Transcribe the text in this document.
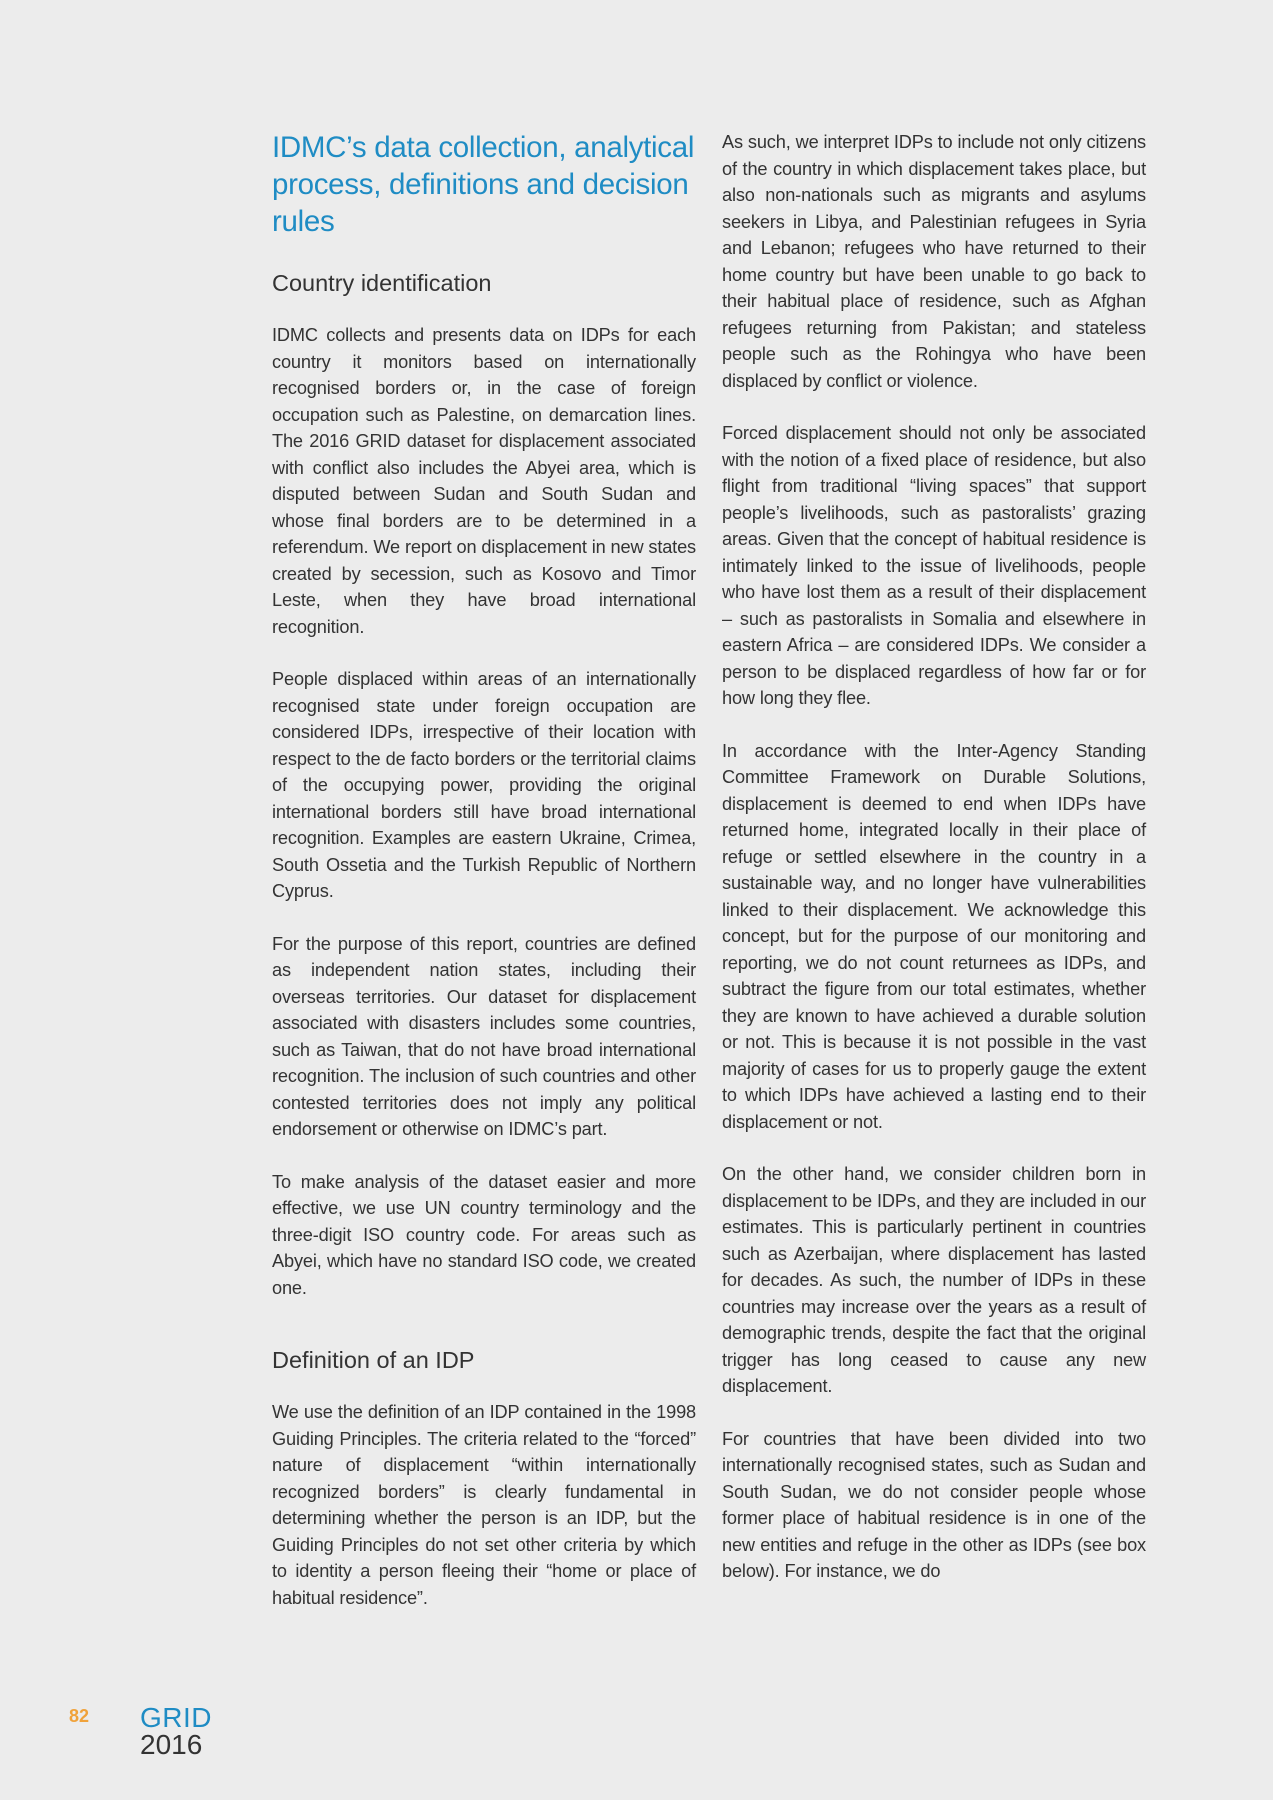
IDMC’s data collection, analytical process, definitions and decision rules
Country identification

IDMC collects and presents data on IDPs for each country it monitors based on internationally recognised borders or, in the case of foreign occupation such as Palestine, on demarcation lines. The 2016 GRID dataset for displacement associated with conflict also includes the Abyei area, which is disputed between Sudan and South Sudan and whose final borders are to be determined in a referendum. We report on displacement in new states created by secession, such as Kosovo and Timor Leste, when they have broad international recognition.

People displaced within areas of an internationally recognised state under foreign occupation are considered IDPs, irrespective of their location with respect to the de facto borders or the territorial claims of the occupying power, providing the original international borders still have broad international recognition. Examples are eastern Ukraine, Crimea, South Ossetia and the Turkish Republic of Northern Cyprus.

For the purpose of this report, countries are defined as independent nation states, including their overseas territories. Our dataset for displacement associated with disasters includes some countries, such as Taiwan, that do not have broad international recognition. The inclusion of such countries and other contested territories does not imply any political endorsement or otherwise on IDMC’s part.

To make analysis of the dataset easier and more effective, we use UN country terminology and the three-digit ISO country code. For areas such as Abyei, which have no standard ISO code, we created one.

Definition of an IDP

We use the definition of an IDP contained in the 1998 Guiding Principles. The criteria related to the “forced” nature of displacement “within internationally recognized borders” is clearly fundamental in determining whether the person is an IDP, but the Guiding Principles do not set other criteria by which to identity a person fleeing their “home or place of habitual residence”.

As such, we interpret IDPs to include not only citizens of the country in which displacement takes place, but also non-nationals such as migrants and asylums seekers in Libya, and Palestinian refugees in Syria and Lebanon; refugees who have returned to their home country but have been unable to go back to their habitual place of residence, such as Afghan refugees returning from Pakistan; and stateless people such as the Rohingya who have been displaced by conflict or violence.

Forced displacement should not only be associated with the notion of a fixed place of residence, but also flight from traditional “living spaces” that support people’s livelihoods, such as pastoralists’ grazing areas. Given that the concept of habitual residence is intimately linked to the issue of livelihoods, people who have lost them as a result of their displacement – such as pastoralists in Somalia and elsewhere in eastern Africa – are considered IDPs. We consider a person to be displaced regardless of how far or for how long they flee.

In accordance with the Inter-Agency Standing Committee Framework on Durable Solutions, displacement is deemed to end when IDPs have returned home, integrated locally in their place of refuge or settled elsewhere in the country in a sustainable way, and no longer have vulnerabilities linked to their displacement. We acknowledge this concept, but for the purpose of our monitoring and reporting, we do not count returnees as IDPs, and subtract the figure from our total estimates, whether they are known to have achieved a durable solution or not. This is because it is not possible in the vast majority of cases for us to properly gauge the extent to which IDPs have achieved a lasting end to their displacement or not.

On the other hand, we consider children born in displacement to be IDPs, and they are included in our estimates. This is particularly pertinent in countries such as Azerbaijan, where displacement has lasted for decades. As such, the number of IDPs in these countries may increase over the years as a result of demographic trends, despite the fact that the original trigger has long ceased to cause any new displacement.

For countries that have been divided into two internationally recognised states, such as Sudan and South Sudan, we do not consider people whose former place of habitual residence is in one of the new entities and refuge in the other as IDPs (see box below). For instance, we do

82 GRID
2016
